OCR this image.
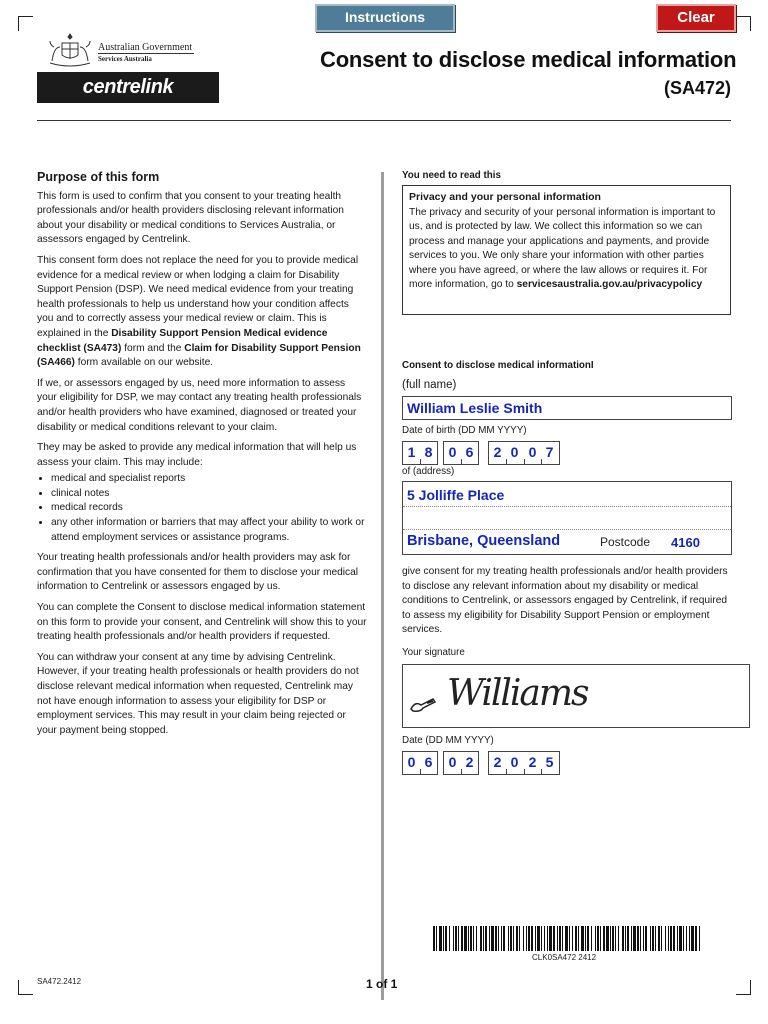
Instructions	Clear
Australian Government
Services Australia
centrelink
Consent to disclose medical information
(SA472)
Purpose of this form

This form is used to confirm that you consent to your treating health professionals and/or health providers disclosing relevant information about your disability or medical conditions to Services Australia, or assessors engaged by Centrelink.

This consent form does not replace the need for you to provide medical evidence for a medical review or when lodging a claim for Disability Support Pension (DSP). We need medical evidence from your treating health professionals to help us understand how your condition affects you and to correctly assess your medical review or claim. This is explained in the Disability Support Pension Medical evidence checklist (SA473) form and the Claim for Disability Support Pension (SA466) form available on our website.

If we, or assessors engaged by us, need more information to assess your eligibility for DSP, we may contact any treating health professionals and/or health providers who have examined, diagnosed or treated your disability or medical conditions relevant to your claim.

They may be asked to provide any medical information that will help us assess your claim. This may include:

• medical and specialist reports
• clinical notes
• medical records
• any other information or barriers that may affect your ability to work or attend employment services or assistance programs.

Your treating health professionals and/or health providers may ask for confirmation that you have consented for them to disclose your medical information to Centrelink or assessors engaged by us.

You can complete the Consent to disclose medical information statement on this form to provide your consent, and Centrelink will show this to your treating health professionals and/or health providers if requested.

You can withdraw your consent at any time by advising Centrelink. However, if your treating health professionals or health providers do not disclose relevant medical information when requested, Centrelink may not have enough information to assess your eligibility for DSP or employment services. This may result in your claim being rejected or your payment being stopped.

You need to read this
Privacy and your personal information
The privacy and security of your personal information is important to us, and is protected by law. We collect this information so we can process and manage your applications and payments, and provide services to you. We only share your information with other parties where you have agreed, or where the law allows or requires it. For more information, go to servicesaustralia.gov.au/privacypolicy
Consent to disclose medical informationI
(full name)
William Leslie Smith
Date of birth (DD MM YYYY)
1 8	0 6	2 0 0 7
of (address)
5 Jolliffe Place
Brisbane, Queensland	Postcode 4160
give consent for my treating health professionals and/or health providers to disclose any relevant information about my disability or medical conditions to Centrelink, or assessors engaged by Centrelink, if required to assess my eligibility for Disability Support Pension or employment services.
Your signature
Williams
Date (DD MM YYYY)
0 6	0 2	2 0 2 5
CLK0SA472 2412
SA472.2412	1 of 1
